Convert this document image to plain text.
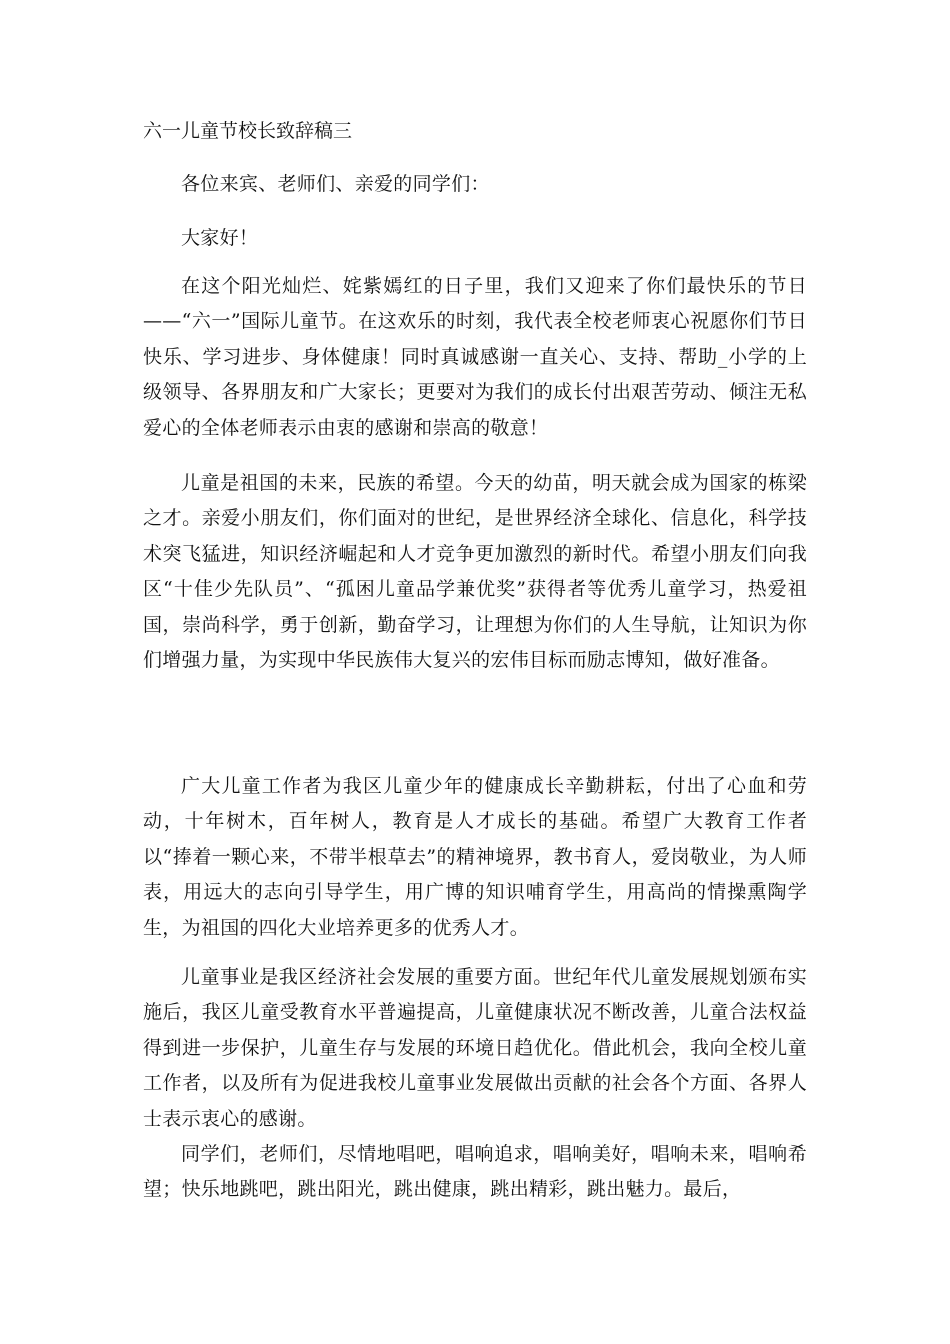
六一儿童节校长致辞稿三

各位来宾、老师们、亲爱的同学们：

大家好！

在这个阳光灿烂、姹紫嫣红的日子里，我们又迎来了你们最快乐的节日——“六一”国际儿童节。在这欢乐的时刻，我代表全校老师衷心祝愿你们节日快乐、学习进步、身体健康！同时真诚感谢一直关心、支持、帮助_小学的上级领导、各界朋友和广大家长；更要对为我们的成长付出艰苦劳动、倾注无私爱心的全体老师表示由衷的感谢和崇高的敬意！

儿童是祖国的未来，民族的希望。今天的幼苗，明天就会成为国家的栋梁之才。亲爱小朋友们，你们面对的世纪，是世界经济全球化、信息化，科学技术突飞猛进，知识经济崛起和人才竞争更加激烈的新时代。希望小朋友们向我区“十佳少先队员”、“孤困儿童品学兼优奖”获得者等优秀儿童学习，热爱祖国，崇尚科学，勇于创新，勤奋学习，让理想为你们的人生导航，让知识为你们增强力量，为实现中华民族伟大复兴的宏伟目标而励志博知，做好准备。

广大儿童工作者为我区儿童少年的健康成长辛勤耕耘，付出了心血和劳动，十年树木，百年树人，教育是人才成长的基础。希望广大教育工作者以“捧着一颗心来，不带半根草去”的精神境界，教书育人，爱岗敬业，为人师表，用远大的志向引导学生，用广博的知识哺育学生，用高尚的情操熏陶学生，为祖国的四化大业培养更多的优秀人才。

儿童事业是我区经济社会发展的重要方面。世纪年代儿童发展规划颁布实施后，我区儿童受教育水平普遍提高，儿童健康状况不断改善，儿童合法权益得到进一步保护，儿童生存与发展的环境日趋优化。借此机会，我向全校儿童工作者，以及所有为促进我校儿童事业发展做出贡献的社会各个方面、各界人士表示衷心的感谢。

同学们，老师们，尽情地唱吧，唱响追求，唱响美好，唱响未来，唱响希望；快乐地跳吧，跳出阳光，跳出健康，跳出精彩，跳出魅力。最后，
